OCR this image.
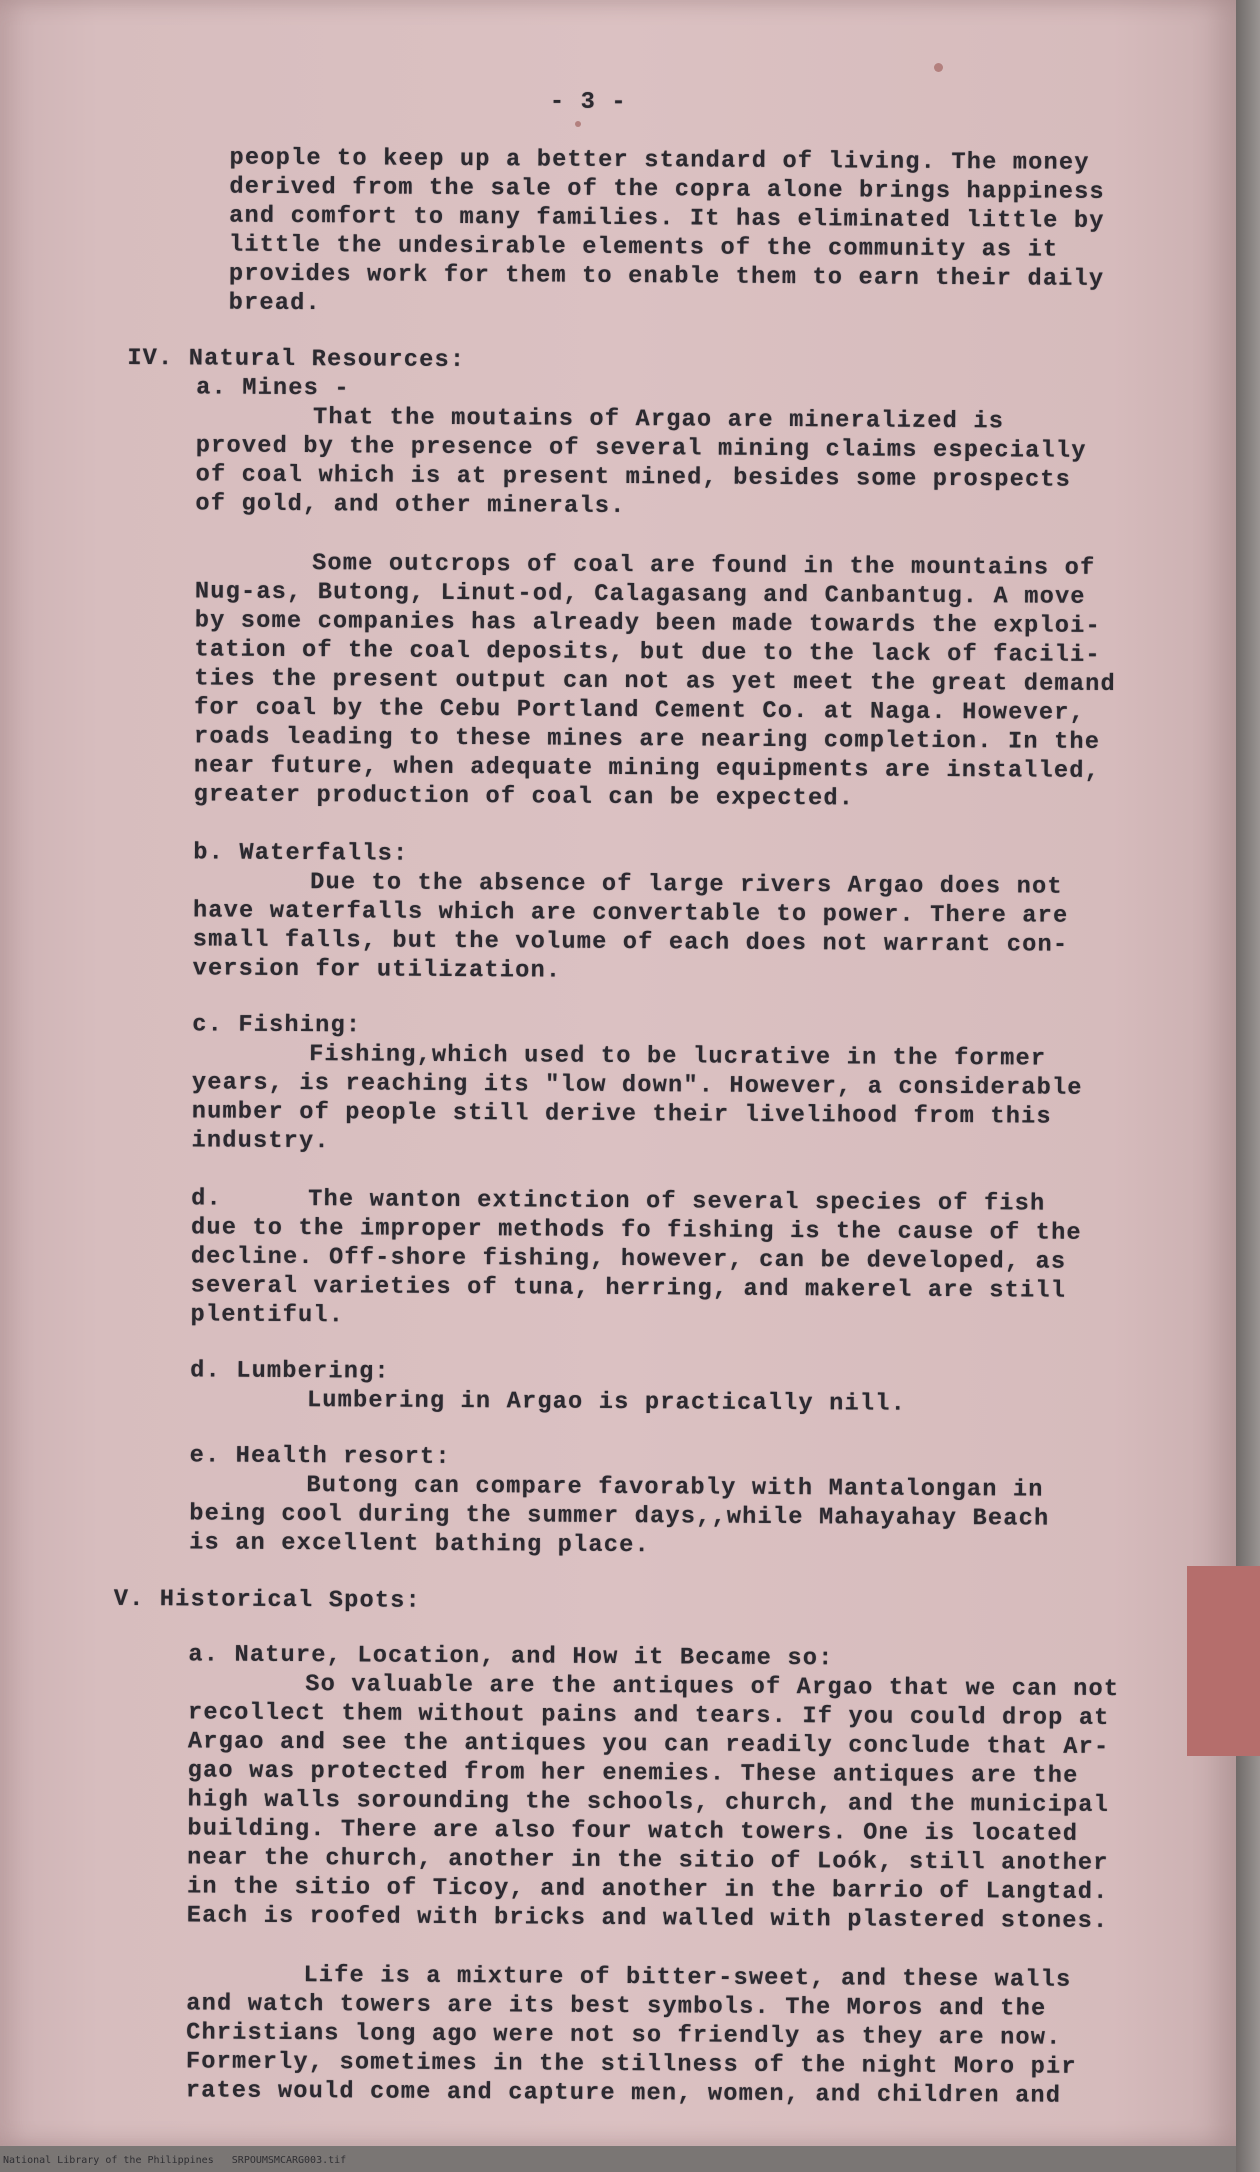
- 3 -
people to keep up a better standard of living. The money
derived from the sale of the copra alone brings happiness
and comfort to many families. It has eliminated little by
little the undesirable elements of the community as it
provides work for them to enable them to earn their daily
bread.
IV. Natural Resources:
a. Mines -
That the moutains of Argao are mineralized is
proved by the presence of several mining claims especially
of coal which is at present mined, besides some prospects
of gold, and other minerals.
Some outcrops of coal are found in the mountains of
Nug-as, Butong, Linut-od, Calagasang and Canbantug. A move
by some companies has already been made towards the exploi-
tation of the coal deposits, but due to the lack of facili-
ties the present output can not as yet meet the great demand
for coal by the Cebu Portland Cement Co. at Naga. However,
roads leading to these mines are nearing completion. In the
near future, when adequate mining equipments are installed,
greater production of coal can be expected.
b. Waterfalls:
Due to the absence of large rivers Argao does not
have waterfalls which are convertable to power. There are
small falls, but the volume of each does not warrant con-
version for utilization.
c. Fishing:
Fishing,which used to be lucrative in the former
years, is reaching its "low down". However, a considerable
number of people still derive their livelihood from this
industry.
d.	The wanton extinction of several species of fish
due to the improper methods fo fishing is the cause of the
decline. Off-shore fishing, however, can be developed, as
several varieties of tuna, herring, and makerel are still
plentiful.
d. Lumbering:
Lumbering in Argao is practically nill.
e. Health resort:
Butong can compare favorably with Mantalongan in
being cool during the summer days,,while Mahayahay Beach
is an excellent bathing place.
V. Historical Spots:
a. Nature, Location, and How it Became so:
So valuable are the antiques of Argao that we can not
recollect them without pains and tears. If you could drop at
Argao and see the antiques you can readily conclude that Ar-
gao was protected from her enemies. These antiques are the
high walls sorounding the schools, church, and the municipal
building. There are also four watch towers. One is located
near the church, another in the sitio of Loók, still another
in the sitio of Ticoy, and another in the barrio of Langtad.
Each is roofed with bricks and walled with plastered stones.
Life is a mixture of bitter-sweet, and these walls
and watch towers are its best symbols. The Moros and the
Christians long ago were not so friendly as they are now.
Formerly, sometimes in the stillness of the night Moro pir
rates would come and capture men, women, and children and
National Library of the Philippines   SRPOUMSMCARG003.tif
